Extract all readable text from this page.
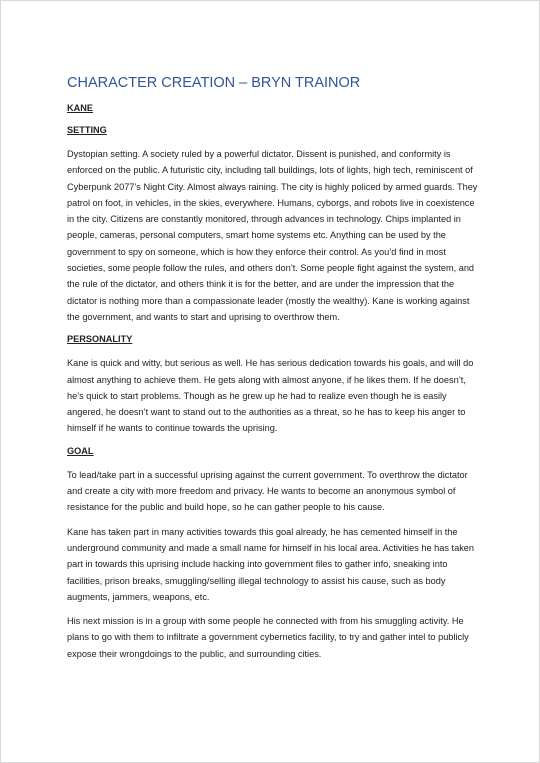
CHARACTER CREATION – BRYN TRAINOR
KANE
SETTING

Dystopian setting. A society ruled by a powerful dictator. Dissent is punished, and conformity is enforced on the public. A futuristic city, including tall buildings, lots of lights, high tech, reminiscent of Cyberpunk 2077’s Night City. Almost always raining. The city is highly policed by armed guards. They patrol on foot, in vehicles, in the skies, everywhere. Humans, cyborgs, and robots live in coexistence in the city. Citizens are constantly monitored, through advances in technology. Chips implanted in people, cameras, personal computers, smart home systems etc. Anything can be used by the government to spy on someone, which is how they enforce their control. As you’d find in most societies, some people follow the rules, and others don’t. Some people fight against the system, and the rule of the dictator, and others think it is for the better, and are under the impression that the dictator is nothing more than a compassionate leader (mostly the wealthy). Kane is working against the government, and wants to start and uprising to overthrow them.

PERSONALITY

Kane is quick and witty, but serious as well. He has serious dedication towards his goals, and will do almost anything to achieve them. He gets along with almost anyone, if he likes them. If he doesn’t, he’s quick to start problems. Though as he grew up he had to realize even though he is easily angered, he doesn’t want to stand out to the authorities as a threat, so he has to keep his anger to himself if he wants to continue towards the uprising.

GOAL

To lead/take part in a successful uprising against the current government. To overthrow the dictator and create a city with more freedom and privacy. He wants to become an anonymous symbol of resistance for the public and build hope, so he can gather people to his cause.

Kane has taken part in many activities towards this goal already, he has cemented himself in the underground community and made a small name for himself in his local area. Activities he has taken part in towards this uprising include hacking into government files to gather info, sneaking into facilities, prison breaks, smuggling/selling illegal technology to assist his cause, such as body augments, jammers, weapons, etc.

His next mission is in a group with some people he connected with from his smuggling activity. He plans to go with them to infiltrate a government cybernetics facility, to try and gather intel to publicly expose their wrongdoings to the public, and surrounding cities.
